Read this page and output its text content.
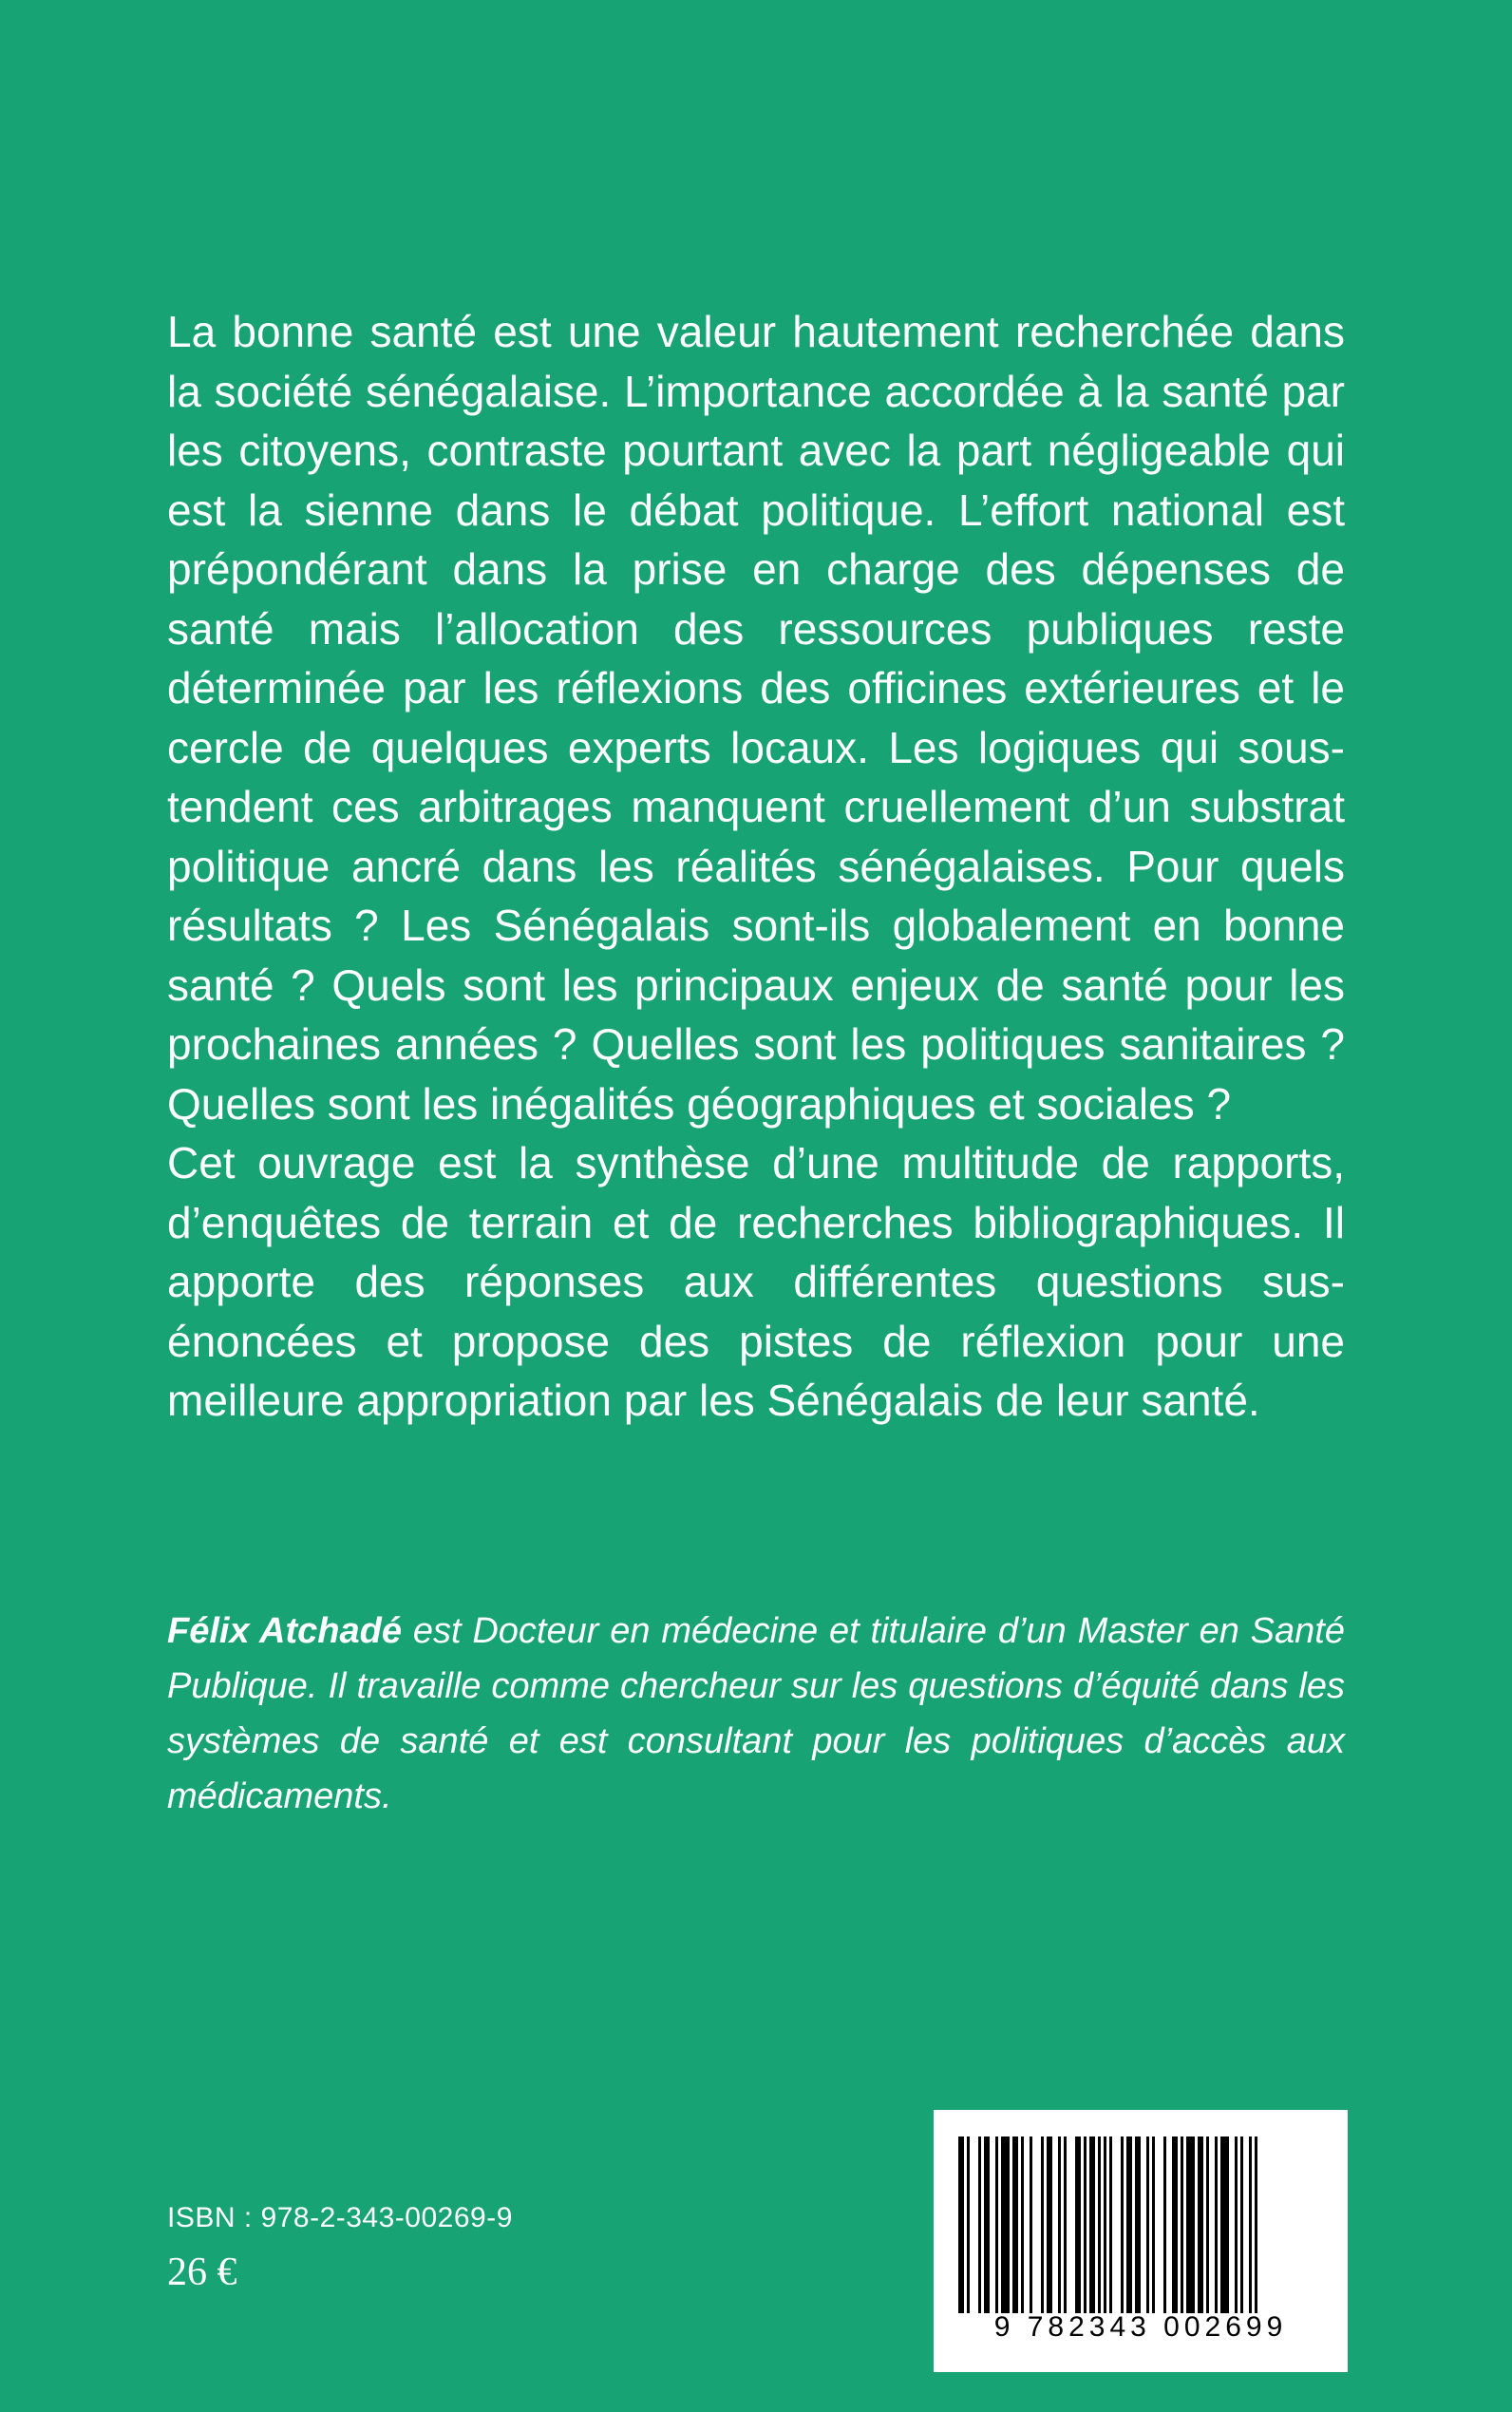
La bonne santé est une valeur hautement recherchée dans la société sénégalaise. L’importance accordée à la santé par les citoyens, contraste pourtant avec la part négligeable qui est la sienne dans le débat politique. L’effort national est prépondérant dans la prise en charge des dépenses de santé mais l’allocation des ressources publiques reste déterminée par les réflexions des officines extérieures et le cercle de quelques experts locaux. Les logiques qui sous-tendent ces arbitrages manquent cruellement d’un substrat politique ancré dans les réalités sénégalaises. Pour quels résultats ? Les Sénégalais sont-ils globalement en bonne santé ? Quels sont les principaux enjeux de santé pour les prochaines années ? Quelles sont les politiques sanitaires ? Quelles sont les inégalités géographiques et sociales ?

Cet ouvrage est la synthèse d’une multitude de rapports, d’enquêtes de terrain et de recherches bibliographiques. Il apporte des réponses aux différentes questions sus-énoncées et propose des pistes de réflexion pour une meilleure appropriation par les Sénégalais de leur santé.

Félix Atchadé est Docteur en médecine et titulaire d’un Master en Santé Publique. Il travaille comme chercheur sur les questions d’équité dans les systèmes de santé et est consultant pour les politiques d’accès aux médicaments.

ISBN : 978-2-343-00269-9
26 €
9 782343 002699
